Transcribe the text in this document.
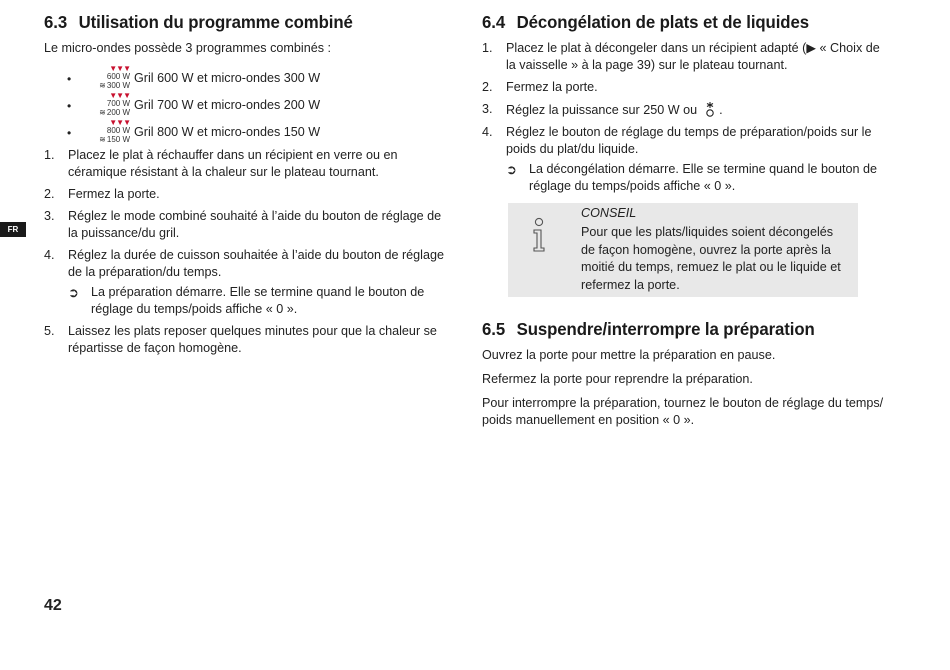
FR
6.3 Utilisation du programme combiné

Le micro-ondes possède 3 programmes combinés :

•
▼▼▼
600 W
≋300 W
Gril 600 W et micro-ondes 300 W
•
▼▼▼
700 W
≋200 W
Gril 700 W et micro-ondes 200 W
•
▼▼▼
800 W
≋150 W
Gril 800 W et micro-ondes 150 W
1. Placez le plat à réchauffer dans un récipient en verre ou en céramique résistant à la chaleur sur le plateau tournant.
2. Fermez la porte.
3. Réglez le mode combiné souhaité à l’aide du bouton de réglage de la puissance/du gril.
4. Réglez la durée de cuisson souhaitée à l’aide du bouton de réglage de la préparation/du temps.
➲ La préparation démarre. Elle se termine quand le bouton de réglage du temps/poids affiche « 0 ».
5. Laissez les plats reposer quelques minutes pour que la chaleur se répartisse de façon homogène.
6.4 Décongélation de plats et de liquides
1. Placez le plat à décongeler dans un récipient adapté (▶ « Choix de la vaisselle » à la page 39) sur le plateau tournant.
2. Fermez la porte.
3. Réglez la puissance sur 250 W ou  .
4. Réglez le bouton de réglage du temps de préparation/poids sur le poids du plat/du liquide.
➲ La décongélation démarre. Elle se termine quand le bouton de réglage du temps/poids affiche « 0 ».
CONSEIL
Pour que les plats/liquides soient décongelés de façon homogène, ouvrez la porte après la moitié du temps, remuez le plat ou le liquide et refermez la porte.
6.5 Suspendre/interrompre la préparation

Ouvrez la porte pour mettre la préparation en pause.

Refermez la porte pour reprendre la préparation.

Pour interrompre la préparation, tournez le bouton de réglage du temps/ poids manuellement en position « 0 ».

42
